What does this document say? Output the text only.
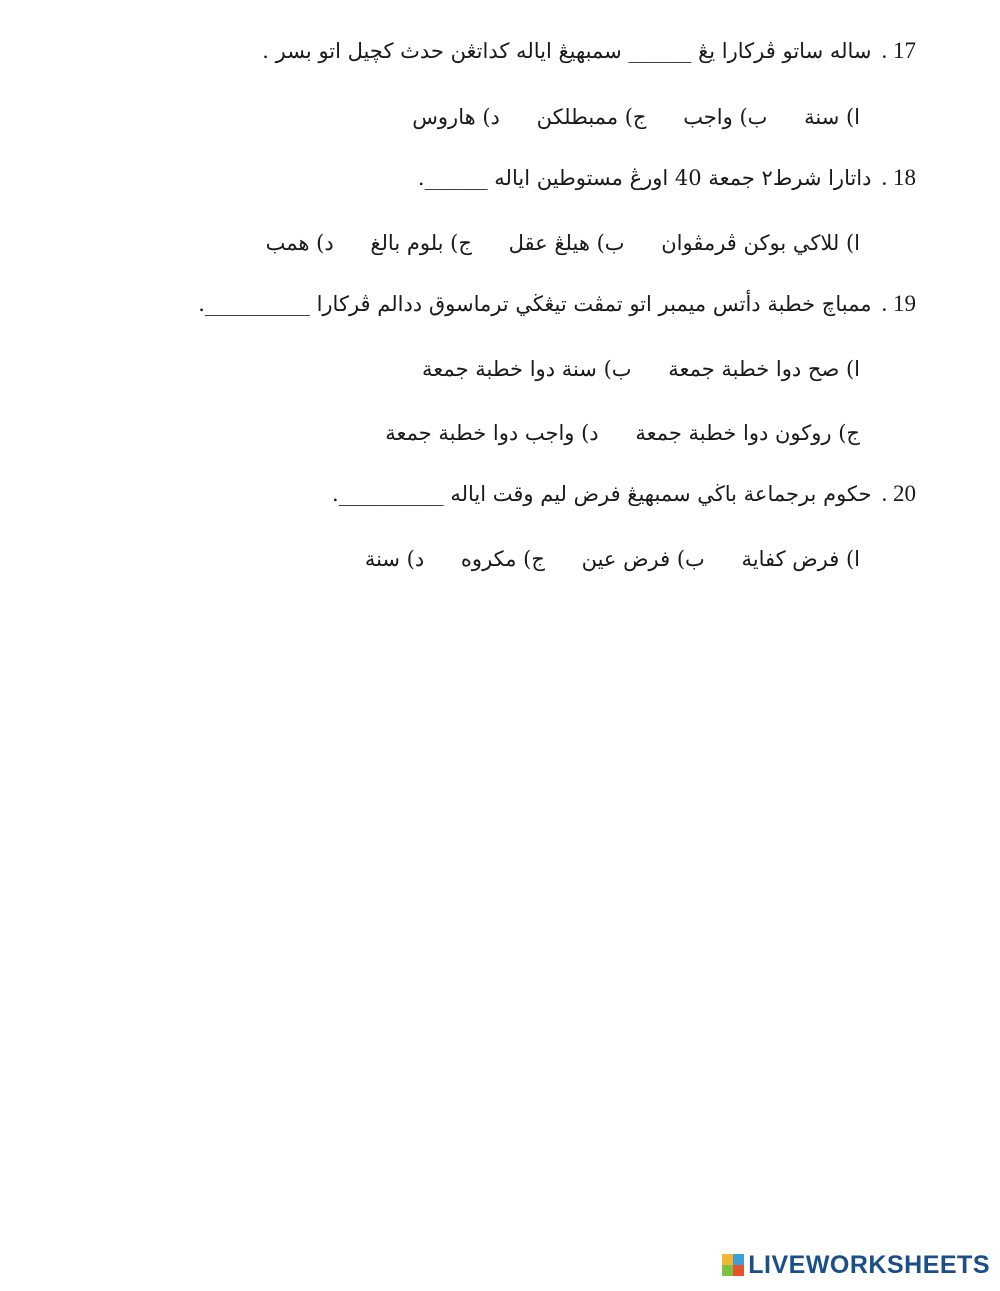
17 .ساله ساتو ڤركارا يڠ ______ سمبهيڠ اياله كداتڠن حدث كچيل اتو بسر .
ا) سنة ب) واجب ج) ممبطلكن د) هاروس
18 .داتارا شرط٢ جمعة 40 اورڠ مستوطين اياله ______.
ا) للاكي بوكن ڤرمڤوان ب) هيلڠ عقل ج) بلوم بالغ د) همب
19 .ممباچ خطبة دأتس ميمبر اتو تمڤت تيڠڬي ترماسوق ددالم ڤركارا __________.
ا) صح دوا خطبة جمعة ب) سنة دوا خطبة جمعة
ج) روكون دوا خطبة جمعة د) واجب دوا خطبة جمعة
20 .حكوم برجماعة باڬي سمبهيڠ فرض ليم وقت اياله __________.
ا) فرض كفاية ب) فرض عين ج) مكروه د) سنة
LIVEWORKSHEETS
